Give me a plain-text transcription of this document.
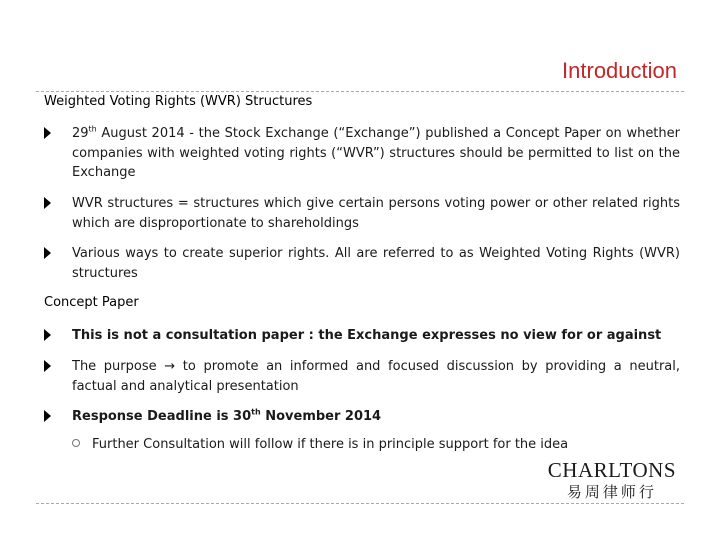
Introduction
Weighted Voting Rights (WVR) Structures
29th August 2014 - the Stock Exchange (“Exchange”) published a Concept Paper on whether companies with weighted voting rights (“WVR”) structures should be permitted to list on the Exchange
WVR structures = structures which give certain persons voting power or other related rights which are disproportionate to shareholdings
Various ways to create superior rights. All are referred to as Weighted Voting Rights (WVR) structures
Concept Paper
This is not a consultation paper : the Exchange expresses no view for or against
The purpose → to promote an informed and focused discussion by providing a neutral, factual and analytical presentation
Response Deadline is 30th November 2014
Further Consultation will follow if there is in principle support for the idea
CHARLTONS
易周律师行
